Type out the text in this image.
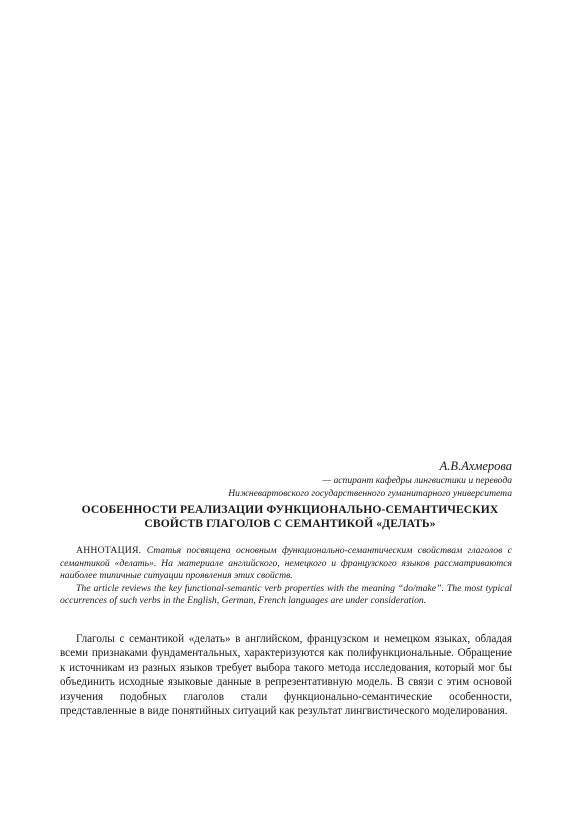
А.В.Ахмерова
— аспирант кафедры лингвистики и перевода
Нижневартовского государственного гуманитарного университета
ОСОБЕННОСТИ РЕАЛИЗАЦИИ ФУНКЦИОНАЛЬНО-СЕМАНТИЧЕСКИХ
СВОЙСТВ ГЛАГОЛОВ С СЕМАНТИКОЙ «ДЕЛАТЬ»

АННОТАЦИЯ. Статья посвящена основным функционально-семантическим свойствам глаголов с семантикой «делать». На материале английского, немецкого и французского языков рассматриваются наиболее типичные ситуации проявления этих свойств.

The article reviews the key functional-semantic verb properties with the meaning “do/make”. The most typical occurrences of such verbs in the English, German, French languages are under consideration.

Глаголы с семантикой «делать» в английском, французском и немецком языках, обладая всеми признаками фундаментальных, характеризуются как полифункциональные. Обращение к источникам из разных языков требует выбора такого метода исследования, который мог бы объединить исходные языковые данные в репрезентативную модель. В связи с этим основой изучения подобных глаголов стали функционально-семантические особенности, представленные в виде понятийных ситуаций как результат лингвистического моделирования.
